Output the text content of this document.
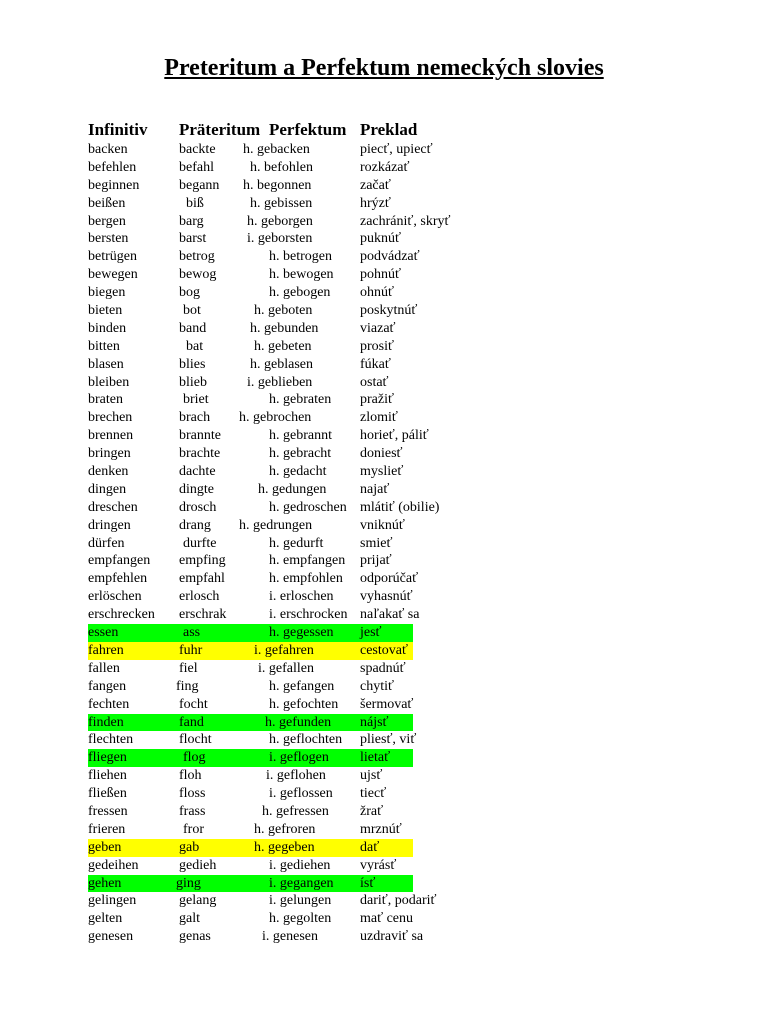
Preteritum a Perfektum nemeckých slovies
Infinitiv Präteritum Perfektum Preklad
backen	backte h. gebacken	piecť, upiecť
befehlen	befahl	h. befohlen	rozkázať
beginnen	begann h. begonnen	začať
beißen	biß	h. gebissen	hrýzť
bergen	barg	h. geborgen	zachrániť, skryť
bersten	barst	i. geborsten	puknúť
betrügen	betrog	h. betrogen podvádzať
bewegen	bewog	h. bewogen pohnúť
biegen	bog	h. gebogen ohnúť
bieten	bot	h. geboten	poskytnúť
binden	band	h. gebunden	viazať
bitten	bat	h. gebeten	prosiť
blasen	blies	h. geblasen	fúkať
bleiben	blieb	i. geblieben	ostať
braten	briet	h. gebraten pražiť
brechen	brach h. gebrochen	zlomiť
brennen	brannte	h. gebrannt horieť, páliť
bringen	brachte	h. gebracht doniesť
denken	dachte	h. gedacht myslieť
dingen	dingte	h. gedungen najať
dreschen	drosch	h. gedroschen mlátiť (obilie)
dringen	drang h. gedrungen	vniknúť
dürfen	durfte	h. gedurft	smieť
empfangen empfing	h. empfangen prijať
empfehlen empfahl	h. empfohlen odporúčať
erlöschen	erlosch	i. erloschen vyhasnúť
erschrecken erschrak	i. erschrocken naľakať sa
essen	ass	h. gegessen jesť
fahren	fuhr	i. gefahren	cestovať
fallen	fiel	i. gefallen	spadnúť
fangen	fing	h. gefangen chytiť
fechten	focht	h. gefochten šermovať
finden	fand	h. gefunden nájsť
flechten	flocht	h. geflochten pliesť, viť
fliegen	flog	i. geflogen lietať
fliehen	floh	i. geflohen ujsť
fließen	floss	i. geflossen tiecť
fressen	frass	h. gefressen žrať
frieren	fror	h. gefroren	mrznúť
geben	gab	h. gegeben	dať
gedeihen	gedieh	i. gediehen vyrásť
gehen	ging	i. gegangen ísť
gelingen	gelang	i. gelungen dariť, podariť
gelten	galt	h. gegolten mať cenu
genesen	genas	i. genesen	uzdraviť sa
